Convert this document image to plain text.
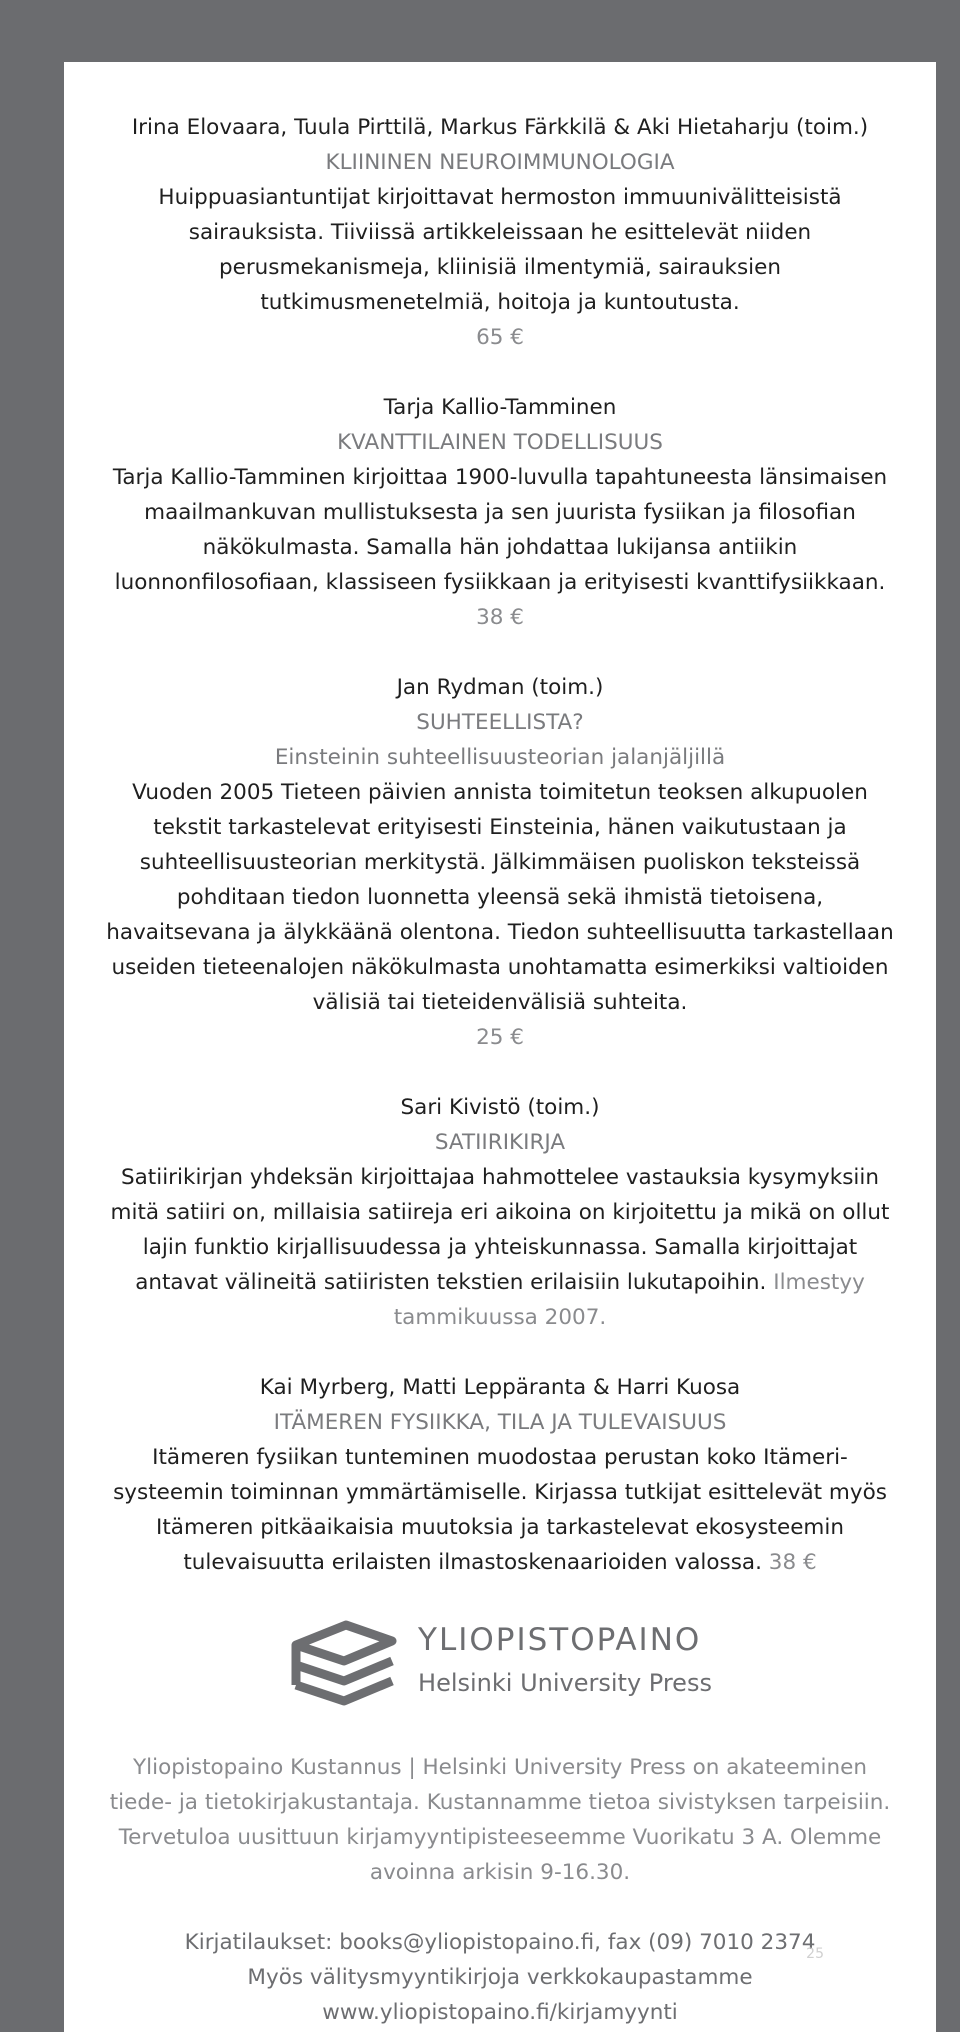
Irina Elovaara, Tuula Pirttilä, Markus Färkkilä & Aki Hietaharju (toim.)

KLIININEN NEUROIMMUNOLOGIA

Huippuasiantuntijat kirjoittavat hermoston immuunivälitteisistä sairauksista. Tiiviissä artikkeleissaan he esittelevät niiden perusmekanismeja, kliinisiä ilmentymiä, sairauksien tutkimusmenetelmiä, hoitoja ja kuntoutusta.

65 €

Tarja Kallio-Tamminen

KVANTTILAINEN TODELLISUUS

Tarja Kallio-Tamminen kirjoittaa 1900-luvulla tapahtuneesta länsimaisen maailmankuvan mullistuksesta ja sen juurista fysiikan ja filosofian näkökulmasta. Samalla hän johdattaa lukijansa antiikin luonnonfilosofiaan, klassiseen fysiikkaan ja erityisesti kvanttifysiikkaan. 38 €

Jan Rydman (toim.)

SUHTEELLISTA?

Einsteinin suhteellisuusteorian jalanjäljillä

Vuoden 2005 Tieteen päivien annista toimitetun teoksen alkupuolen tekstit tarkastelevat erityisesti Einsteinia, hänen vaikutustaan ja suhteellisuusteorian merkitystä. Jälkimmäisen puoliskon teksteissä pohditaan tiedon luonnetta yleensä sekä ihmistä tietoisena, havaitsevana ja älykkäänä olentona. Tiedon suhteellisuutta tarkastellaan useiden tieteenalojen näkökulmasta unohtamatta esimerkiksi valtioiden välisiä tai tieteidenvälisiä suhteita.

25 €

Sari Kivistö (toim.)

SATIIRIKIRJA

Satiirikirjan yhdeksän kirjoittajaa hahmottelee vastauksia kysymyksiin mitä satiiri on, millaisia satiireja eri aikoina on kirjoitettu ja mikä on ollut lajin funktio kirjallisuudessa ja yhteiskunnassa. Samalla kirjoittajat antavat välineitä satiiristen tekstien erilaisiin lukutapoihin. Ilmestyy tammikuussa 2007.

Kai Myrberg, Matti Leppäranta & Harri Kuosa

ITÄMEREN FYSIIKKA, TILA JA TULEVAISUUS

Itämeren fysiikan tunteminen muodostaa perustan koko Itämeri-systeemin toiminnan ymmärtämiselle. Kirjassa tutkijat esittelevät myös Itämeren pitkäaikaisia muutoksia ja tarkastelevat ekosysteemin tulevaisuutta erilaisten ilmastoskenaarioiden valossa. 38 €

YLIOPISTOPAINO
Helsinki University Press

Yliopistopaino Kustannus | Helsinki University Press on akateeminen tiede- ja tietokirjakustantaja. Kustannamme tietoa sivistyksen tarpeisiin. Tervetuloa uusittuun kirjamyyntipisteeseemme Vuorikatu 3 A. Olemme avoinna arkisin 9-16.30.

Kirjatilaukset: books@yliopistopaino.fi, fax (09) 7010 2374

Myös välitysmyyntikirjoja verkkokaupastamme

www.yliopistopaino.fi/kirjamyynti

25
